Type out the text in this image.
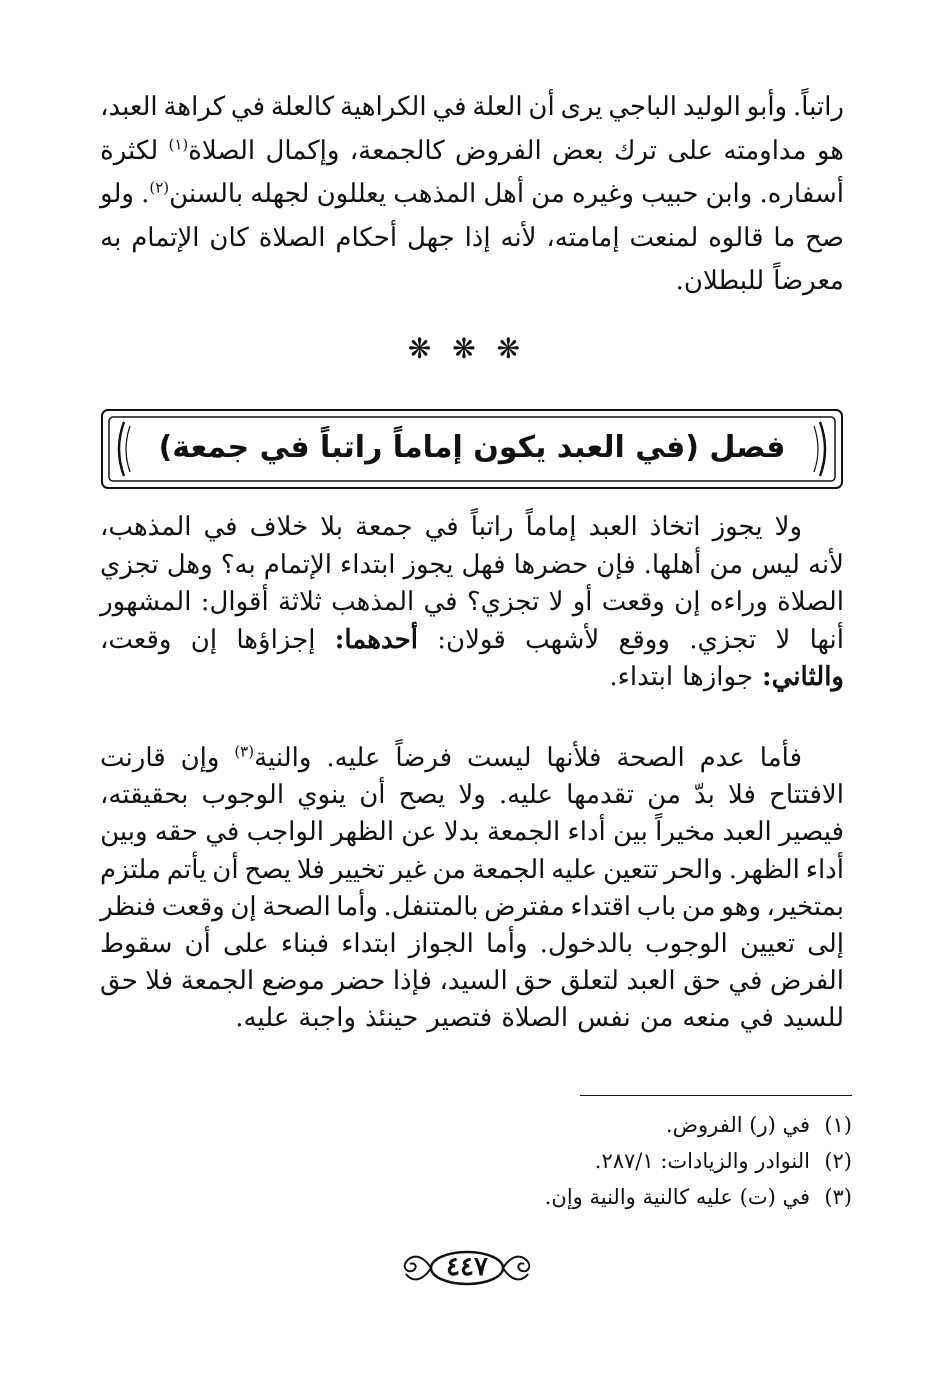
راتباً.
وأبو
الوليد
الباجي
يرى
أن
العلة
في
الكراهية
كالعلة
في
كراهة
العبد،
هو
مداومته
على
ترك
بعض
الفروض
كالجمعة،
وإكمال
الصلاة$^{(١)}$
لكثرة
أسفاره.
وابن
حبيب
وغيره
من
أهل
المذهب
يعللون
لجهله
بالسنن$^{(٢)}$.
ولو
صح
ما
قالوه
لمنعت
إمامته،
لأنه
إذا
جهل
أحكام
الصلاة
كان
الإتمام
به
معرضاً
للبطلان.
❋ ❋ ❋
فصل (في العبد يكون إماماً راتباً في جمعة)
ولا
يجوز
اتخاذ
العبد
إماماً
راتباً
في
جمعة
بلا
خلاف
في
المذهب،
لأنه
ليس
من
أهلها.
فإن
حضرها
فهل
يجوز
ابتداء
الإتمام
به؟
وهل
تجزي
الصلاة
وراءه
إن
وقعت
أو
لا
تجزي؟
في
المذهب
ثلاثة
أقوال:
المشهور
أنها
لا
تجزي.
ووقع
لأشهب
قولان:
أحدهما:
إجزاؤها
إن
وقعت،
والثاني:
جوازها
ابتداء.
فأما
عدم
الصحة
فلأنها
ليست
فرضاً
عليه.
والنية$^{(٣)}$
وإن
قارنت
الافتتاح
فلا
بدّ
من
تقدمها
عليه.
ولا
يصح
أن
ينوي
الوجوب
بحقيقته،
فيصير
العبد
مخيراً
بين
أداء
الجمعة
بدلا
عن
الظهر
الواجب
في
حقه
وبين
أداء
الظهر.
والحر
تتعين
عليه
الجمعة
من
غير
تخيير
فلا
يصح
أن
يأتم
ملتزم
بمتخير،
وهو
من
باب
اقتداء
مفترض
بالمتنفل.
وأما
الصحة
إن
وقعت
فنظر
إلى
تعيين
الوجوب
بالدخول.
وأما
الجواز
ابتداء
فبناء
على
أن
سقوط
الفرض
في
حق
العبد
لتعلق
حق
السيد،
فإذا
حضر
موضع
الجمعة
فلا
حق
للسيد
في
منعه
من
نفس
الصلاة
فتصير
حينئذ
واجبة
عليه.
(١)في (ر) الفروض.
(٢)النوادر والزيادات: ٢٨٧/١.
(٣)في (ت) عليه كالنية والنية وإن.
٤٤٧
